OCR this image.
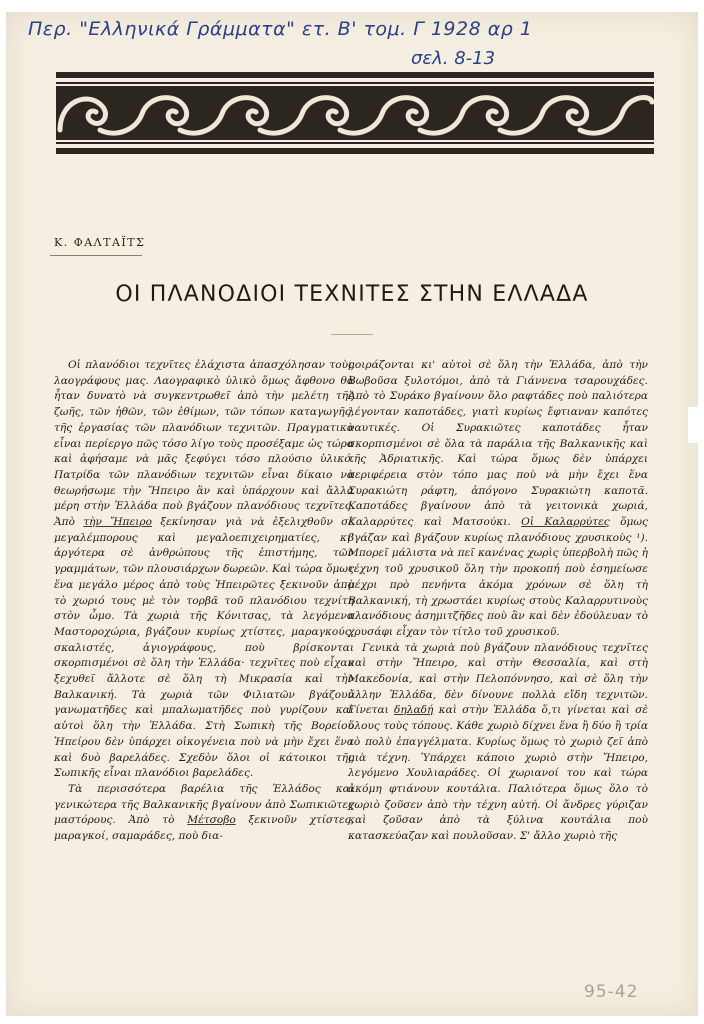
Περ. "Ελληνικά Γράμματα" ετ. Β' τομ. Γ 1928 αρ 1
σελ. 8-13
Κ. ΦΑΛΤΑΪΤΣ
ΟΙ ΠΛΑΝΟΔΙΟΙ ΤΕΧΝΙΤΕΣ ΣΤΗΝ ΕΛΛΑΔΑ

Οἱ πλανόδιοι τεχνῖτες ἐλάχιστα ἀπασχόλησαν τοὺς λαογράφους μας. Λαογραφικὸ ὑλικὸ ὅμως ἄφθονο θὰ ἦταν δυνατὸ νὰ συγκεντρωθεῖ ἀπὸ τὴν μελέτη τῆς ζωῆς, τῶν ἠθῶν, τῶν ἐθίμων, τῶν τόπων καταγωγῆς, τῆς ἐργασίας τῶν πλανόδιων τεχνιτῶν. Πραγματικὰ εἶναι περίεργο πῶς τόσο λίγο τοὺς προσέξαμε ὡς τώρα καὶ ἀφήσαμε νὰ μᾶς ξεφύγει τόσο πλούσιο ὑλικό. Πατρίδα τῶν πλανόδιων τεχνιτῶν εἶναι δίκαιο νὰ θεωρήσωμε τὴν Ἤπειρο ἂν καὶ ὑπάρχουν καὶ ἄλλα μέρη στὴν Ἑλλάδα ποὺ βγάζουν πλανόδιους τεχνῖτες. Ἀπὸ τὴν Ἤπειρο ξεκίνησαν γιὰ νὰ ἐξελιχθοῦν σὲ μεγαλέμπορους καὶ μεγαλοεπιχειρηματίες, κι' ἀργότερα σὲ ἀνθρώπους τῆς ἐπιστήμης, τῶν γραμμάτων, τῶν πλουσιάρχων δωρεῶν. Καὶ τώρα ὅμως ἕνα μεγάλο μέρος ἀπὸ τοὺς Ἠπειρῶτες ξεκινοῦν ἀπὸ τὸ χωριό τους μὲ τὸν τορβᾶ τοῦ πλανόδιου τεχνίτη στὸν ὦμο. Τὰ χωριὰ τῆς Κόνιτσας, τὰ λεγόμενα Μαστοροχώρια, βγάζουν κυρίως χτίστες, μαραγκούς, σκαλιστές, ἁγιογράφους, ποὺ βρίσκονται σκορπισμένοι σὲ ὅλη τὴν Ἑλλάδα· τεχνῖτες ποὺ εἶχαν ξεχυθεῖ ἄλλοτε σὲ ὅλη τὴ Μικρασία καὶ τὴν Βαλκανική. Τὰ χωριὰ τῶν Φιλιατῶν βγάζουν γανωματῆδες καὶ μπαλωματῆδες ποὺ γυρίζουν καὶ αὐτοὶ ὅλη τὴν Ἑλλάδα. Στὴ Σωπικὴ τῆς Βορείου Ἠπείρου δὲν ὑπάρχει οἰκογένεια ποὺ νὰ μὴν ἔχει ἕνα καὶ δυὸ βαρελάδες. Σχεδὸν ὅλοι οἱ κάτοικοι τῆς Σωπικῆς εἶναι πλανόδιοι βαρελάδες.

Τὰ περισσότερα βαρέλια τῆς Ἑλλάδος καὶ γενικώτερα τῆς Βαλκανικῆς βγαίνουν ἀπὸ Σωπικιῶτες μαστόρους. Ἀπὸ τὸ Μέτσοβο ξεκινοῦν χτίστες, μαραγκοί, σαμαράδες, ποὺ δια-

μοιράζονται κι' αὐτοὶ σὲ ὅλη τὴν Ἑλλάδα, ἀπὸ τὴν Βωβοῦσα ξυλοτόμοι, ἀπὸ τὰ Γιάννενα τσαρουχάδες. Ἀπὸ τὸ Συράκο βγαίνουν ὅλο ραφτάδες ποὺ παλιότερα λέγονταν καποτάδες, γιατὶ κυρίως ἔφτιαναν καπότες ναυτικές. Οἱ Συρακιῶτες καποτάδες ἦταν σκορπισμένοι σὲ ὅλα τὰ παράλια τῆς Βαλκανικῆς καὶ τῆς Ἀδριατικῆς. Καὶ τώρα ὅμως δὲν ὑπάρχει περιφέρεια στὸν τόπο μας ποὺ νὰ μὴν ἔχει ἕνα Συρακιώτη ράφτη, ἀπόγονο Συρακιώτη καποτᾶ. Καποτάδες βγαίνουν ἀπὸ τὰ γειτονικὰ χωριά, Καλαρρύτες καὶ Ματσούκι. Οἱ Καλαρρύτες ὅμως βγάζαν καὶ βγάζουν κυρίως πλανόδιους χρυσικοὺς ¹). Μπορεῖ μάλιστα νὰ πεῖ κανένας χωρὶς ὑπερβολὴ πῶς ἡ τέχνη τοῦ χρυσικοῦ ὅλη τὴν προκοπή ποὺ ἐσημείωσε μέχρι πρὸ πενήντα ἀκόμα χρόνων σὲ ὅλη τὴ Βαλκανική, τὴ χρωστάει κυρίως στοὺς Καλαρρυτινοὺς πλανόδιους ἀσημιτζῆδες ποὺ ἂν καὶ δὲν ἐδούλευαν τὸ χρυσάφι εἶχαν τὸν τίτλο τοῦ χρυσικοῦ.

Γενικὰ τὰ χωριὰ ποὺ βγάζουν πλανόδιους τεχνῖτες καὶ στὴν Ἤπειρο, καὶ στὴν Θεσσαλία, καὶ στὴ Μακεδονία, καὶ στὴν Πελοπόννησο, καὶ σὲ ὅλη τὴν ἄλλην Ἑλλάδα, δὲν δίνουνε πολλὰ εἴδη τεχνιτῶν. Γίνεται δηλαδή καὶ στὴν Ἑλλάδα ὅ,τι γίνεται καὶ σὲ ὅλους τοὺς τόπους. Κάθε χωριὸ δίχνει ἕνα ἢ δύο ἢ τρία τὸ πολὺ ἐπαγγέλματα. Κυρίως ὅμως τὸ χωριὸ ζεῖ ἀπὸ μιὰ τέχνη. Ὑπάρχει κάποιο χωριὸ στὴν Ἤπειρο, λεγόμενο Χουλιαράδες. Οἱ χωριανοί του καὶ τώρα ἀκόμη φτιάνουν κουτάλια. Παλιότερα ὅμως ὅλο τὸ χωριὸ ζοῦσεν ἀπὸ τὴν τέχνη αὐτή. Οἱ ἄνδρες γύριζαν καὶ ζοῦσαν ἀπὸ τὰ ξύλινα κουτάλια ποὺ κατασκεύαζαν καὶ πουλοῦσαν. Σ' ἄλλο χωριὸ τῆς

95-42
